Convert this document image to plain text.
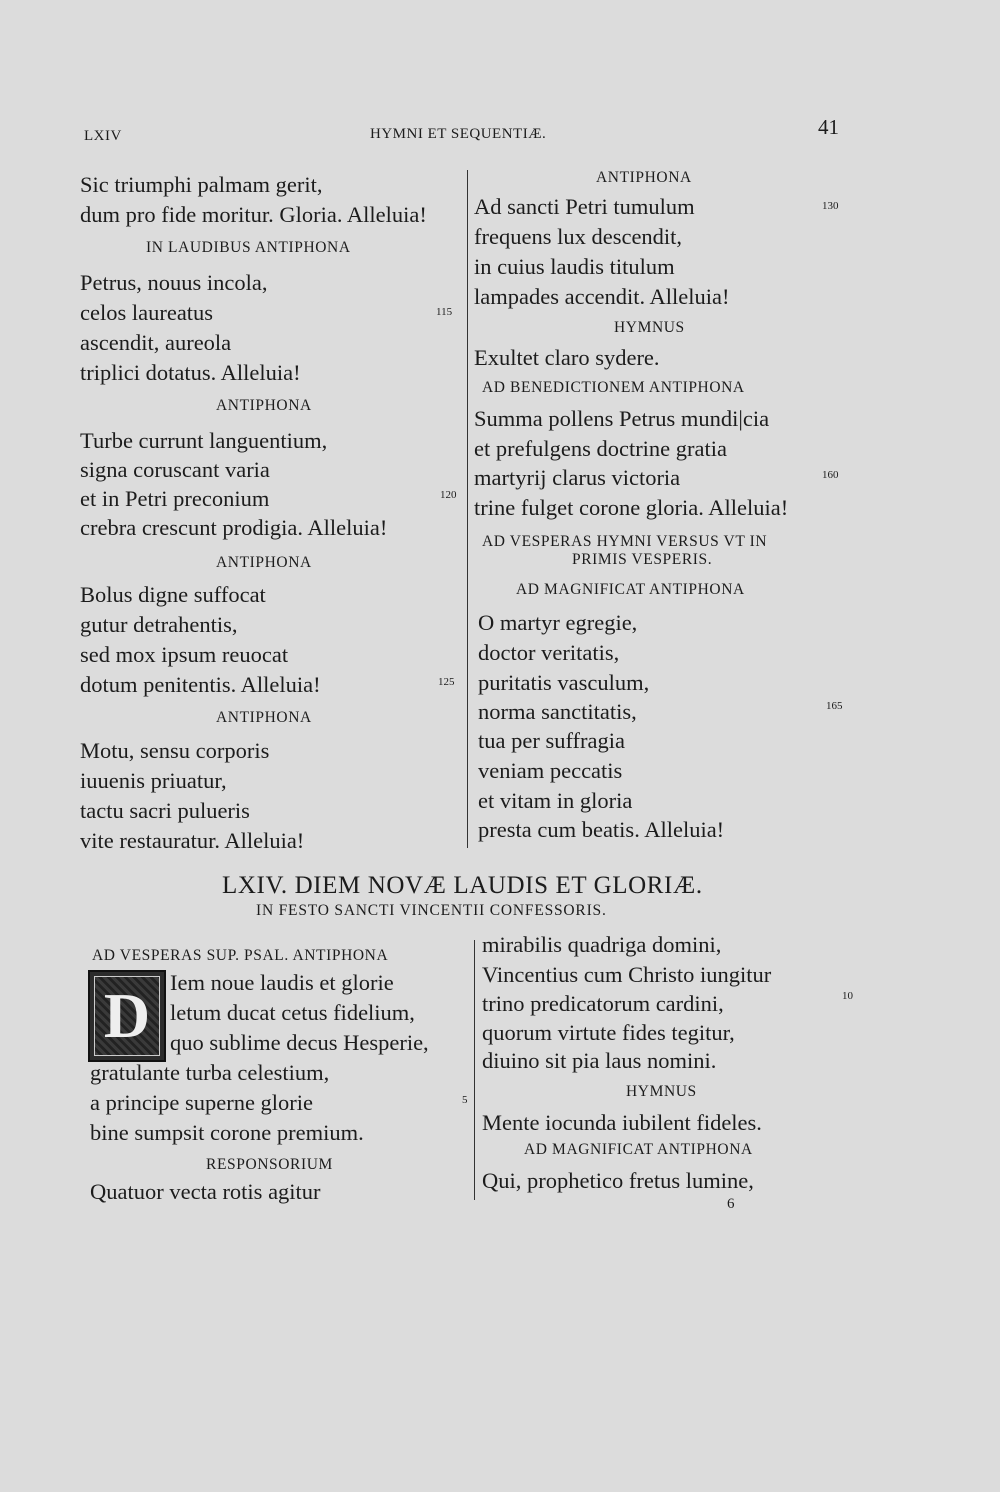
LXIV	HYMNI ET SEQUENTIÆ.	41
Sic triumphi palmam gerit,
dum pro fide moritur. Gloria. Alleluia!
IN LAUDIBUS ANTIPHONA
Petrus, nouus incola,
celos laureatus	115
ascendit, aureola
triplici dotatus. Alleluia!
ANTIPHONA
Turbe currunt languentium,
signa coruscant varia
et in Petri preconium	120
crebra crescunt prodigia. Alleluia!
ANTIPHONA
Bolus digne suffocat
gutur detrahentis,
sed mox ipsum reuocat
dotum penitentis. Alleluia!	125
ANTIPHONA
Motu, sensu corporis
iuuenis priuatur,
tactu sacri pulueris
vite restauratur. Alleluia!
ANTIPHONA
Ad sancti Petri tumulum	130
frequens lux descendit,
in cuius laudis titulum
lampades accendit. Alleluia!
HYMNUS
Exultet claro sydere.
AD BENEDICTIONEM ANTIPHONA
Summa pollens Petrus mundi|cia
et prefulgens doctrine gratia
martyrij clarus victoria	160
trine fulget corone gloria. Alleluia!
AD VESPERAS HYMNI VERSUS VT IN
PRIMIS VESPERIS.
AD MAGNIFICAT ANTIPHONA
O martyr egregie,
doctor veritatis,
puritatis vasculum,
norma sanctitatis,	165
tua per suffragia
veniam peccatis
et vitam in gloria
presta cum beatis. Alleluia!
LXIV. DIEM NOVÆ LAUDIS ET GLORIÆ.
IN FESTO SANCTI VINCENTII CONFESSORIS.
AD VESPERAS SUP. PSAL. ANTIPHONA
D Iem noue laudis et glorie
letum ducat cetus fidelium,
quo sublime decus Hesperie,
gratulante turba celestium,
a principe superne glorie	5
bine sumpsit corone premium.
RESPONSORIUM
Quatuor vecta rotis agitur
mirabilis quadriga domini,
Vincentius cum Christo iungitur
trino predicatorum cardini,	10
quorum virtute fides tegitur,
diuino sit pia laus nomini.
HYMNUS
Mente iocunda iubilent fideles.
AD MAGNIFICAT ANTIPHONA
Qui, prophetico fretus lumine,
6
